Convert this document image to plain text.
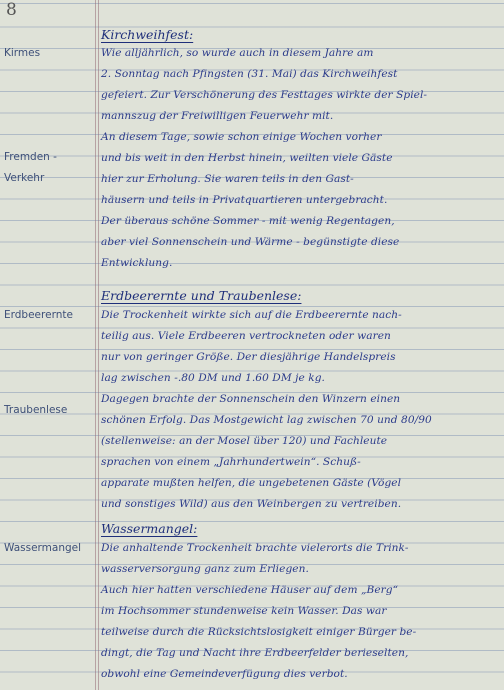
8
Kirchweihfest:
Kirmes
Fremden -
Verkehr
Wie alljährlich, so wurde auch in diesem Jahre am
2. Sonntag nach Pfingsten (31. Mai) das Kirchweihfest
gefeiert. Zur Verschönerung des Festtages wirkte der Spiel-
mannszug der Freiwilligen Feuerwehr mit.
An diesem Tage, sowie schon einige Wochen vorher
und bis weit in den Herbst hinein, weilten viele Gäste
hier zur Erholung. Sie waren teils in den Gast-
häusern und teils in Privatquartieren untergebracht.
Der überaus schöne Sommer - mit wenig Regentagen,
aber viel Sonnenschein und Wärme - begünstigte diese
Entwicklung.
Erdbeerernte und Traubenlese:
Erdbeerernte
Traubenlese
Die Trockenheit wirkte sich auf die Erdbeerernte nach-
teilig aus. Viele Erdbeeren vertrockneten oder waren
nur von geringer Größe. Der diesjährige Handelspreis
lag zwischen -.80 DM und 1.60 DM je kg.
Dagegen brachte der Sonnenschein den Winzern einen
schönen Erfolg. Das Mostgewicht lag zwischen 70 und 80/90
(stellenweise: an der Mosel über 120) und Fachleute
sprachen von einem „Jahrhundertwein“. Schuß-
apparate mußten helfen, die ungebetenen Gäste (Vögel
und sonstiges Wild) aus den Weinbergen zu vertreiben.
Wassermangel:
Wassermangel	Die anhaltende Trockenheit brachte vielerorts die Trink-
wasserversorgung ganz zum Erliegen.
Auch hier hatten verschiedene Häuser auf dem „Berg“
im Hochsommer stundenweise kein Wasser. Das war
teilweise durch die Rücksichtslosigkeit einiger Bürger be-
dingt, die Tag und Nacht ihre Erdbeerfelder berieselten,
obwohl eine Gemeindeverfügung dies verbot.
